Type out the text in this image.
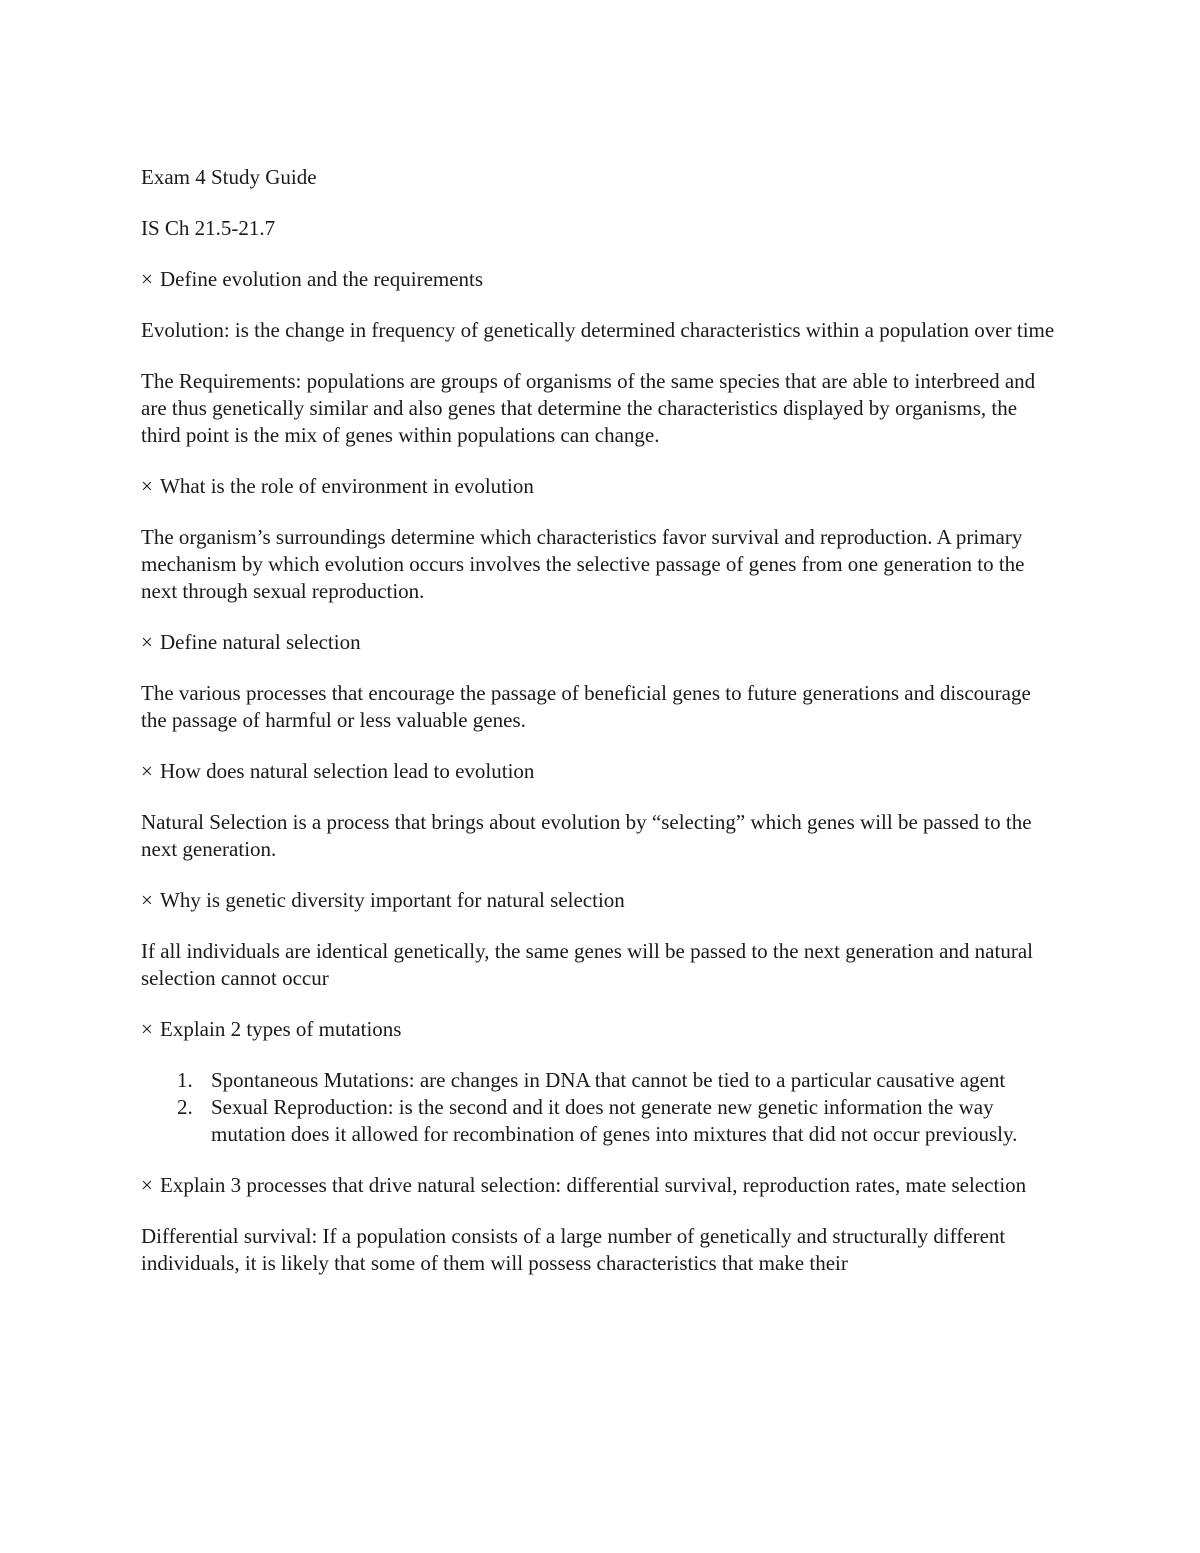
Exam 4 Study Guide

IS Ch 21.5-21.7

× Define evolution and the requirements

Evolution: is the change in frequency of genetically determined characteristics within a population over time

The Requirements: populations are groups of organisms of the same species that are able to interbreed and are thus genetically similar and also genes that determine the characteristics displayed by organisms, the third point is the mix of genes within populations can change.

× What is the role of environment in evolution

The organism’s surroundings determine which characteristics favor survival and reproduction. A primary mechanism by which evolution occurs involves the selective passage of genes from one generation to the next through sexual reproduction.

× Define natural selection

The various processes that encourage the passage of beneficial genes to future generations and discourage the passage of harmful or less valuable genes.

× How does natural selection lead to evolution

Natural Selection is a process that brings about evolution by “selecting” which genes will be passed to the next generation.

× Why is genetic diversity important for natural selection

If all individuals are identical genetically, the same genes will be passed to the next generation and natural selection cannot occur

× Explain 2 types of mutations

1. Spontaneous Mutations: are changes in DNA that cannot be tied to a particular causative agent
2. Sexual Reproduction: is the second and it does not generate new genetic information the way mutation does it allowed for recombination of genes into mixtures that did not occur previously.

× Explain 3 processes that drive natural selection: differential survival, reproduction rates, mate selection

Differential survival: If a population consists of a large number of genetically and structurally different individuals, it is likely that some of them will possess characteristics that make their
